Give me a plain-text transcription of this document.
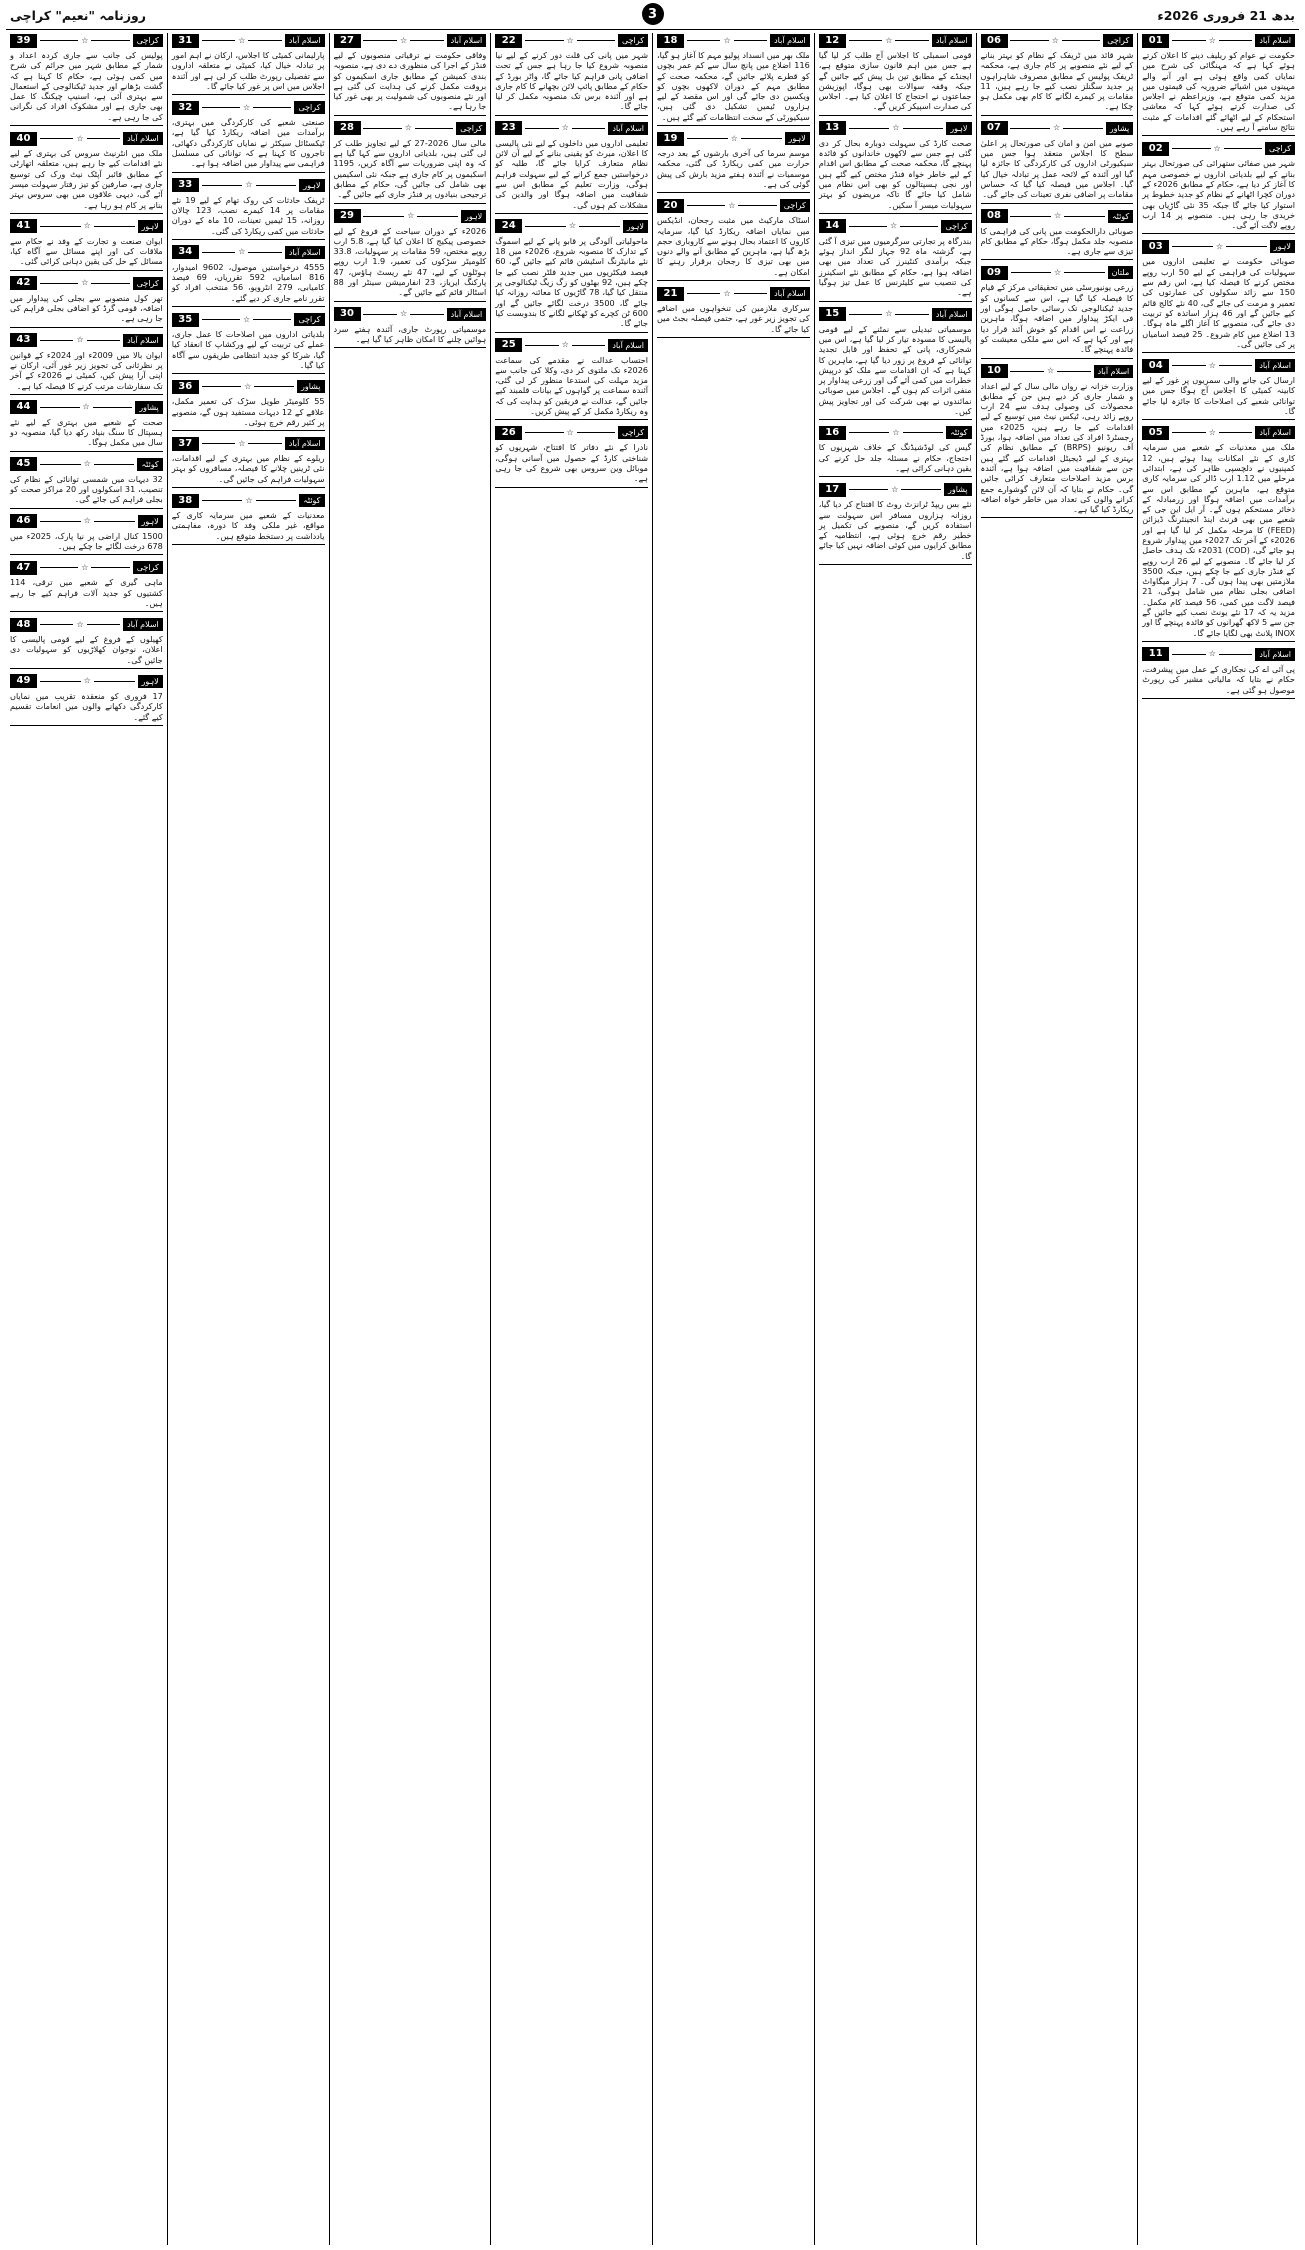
روزنامہ "نعیم" کراچی	3	بدھ 21 فروری 2026ء
01	☆	اسلام آباد
حکومت نے عوام کو ریلیف دینے کا اعلان کرتے ہوئے کہا ہے کہ مہنگائی کی شرح میں نمایاں کمی واقع ہوئی ہے اور آنے والے مہینوں میں اشیائے ضروریہ کی قیمتوں میں مزید کمی متوقع ہے، وزیراعظم نے اجلاس کی صدارت کرتے ہوئے کہا کہ معاشی استحکام کے لیے اٹھائے گئے اقدامات کے مثبت نتائج سامنے آ رہے ہیں۔
02	☆	کراچی
شہر میں صفائی ستھرائی کی صورتحال بہتر بنانے کے لیے بلدیاتی اداروں نے خصوصی مہم کا آغاز کر دیا ہے، حکام کے مطابق 2026ء کے دوران کچرا اٹھانے کے نظام کو جدید خطوط پر استوار کیا جائے گا جبکہ 35 نئی گاڑیاں بھی خریدی جا رہی ہیں۔ منصوبے پر 14 ارب روپے لاگت آئے گی۔
03	☆	لاہور
صوبائی حکومت نے تعلیمی اداروں میں سہولیات کی فراہمی کے لیے 50 ارب روپے مختص کرنے کا فیصلہ کیا ہے، اس رقم سے 150 سے زائد سکولوں کی عمارتوں کی تعمیر و مرمت کی جائے گی، 40 نئے کالج قائم کیے جائیں گے اور 46 ہزار اساتذہ کو تربیت دی جائے گی، منصوبے کا آغاز اگلے ماہ ہوگا۔ 13 اضلاع میں کام شروع۔ 25 فیصد اسامیاں پر کی جائیں گی۔
04	☆	اسلام آباد
ارسال کی جانے والی سمریوں پر غور کے لیے کابینہ کمیٹی کا اجلاس آج ہوگا جس میں توانائی شعبے کی اصلاحات کا جائزہ لیا جائے گا۔
05	☆	اسلام آباد
ملک میں معدنیات کے شعبے میں سرمایہ کاری کے نئے امکانات پیدا ہوئے ہیں، 12 کمپنیوں نے دلچسپی ظاہر کی ہے، ابتدائی مرحلے میں 1.12 ارب ڈالر کی سرمایہ کاری متوقع ہے، ماہرین کے مطابق اس سے برآمدات میں اضافہ ہوگا اور زرمبادلہ کے ذخائر مستحکم ہوں گے۔ آر ایل این جی کے شعبے میں بھی فرنٹ اینڈ انجینئرنگ ڈیزائن (FEED) کا مرحلہ مکمل کر لیا گیا ہے اور 2026ء کے آخر تک 2027ء میں پیداوار شروع ہو جائے گی، (COD) 2031ء تک ہدف حاصل کر لیا جائے گا۔ منصوبے کے لیے 26 ارب روپے کے فنڈز جاری کیے جا چکے ہیں، جبکہ 3500 ملازمتیں بھی پیدا ہوں گی۔ 7 ہزار میگاواٹ اضافی بجلی نظام میں شامل ہوگی، 21 فیصد لاگت میں کمی، 56 فیصد کام مکمل۔ مزید یہ کہ 17 نئے یونٹ نصب کیے جائیں گے جن سے 5 لاکھ گھرانوں کو فائدہ پہنچے گا اور INOX پلانٹ بھی لگایا جائے گا۔
11	☆	اسلام آباد
پی آئی اے کی نجکاری کے عمل میں پیشرفت، حکام نے بتایا کہ مالیاتی مشیر کی رپورٹ موصول ہو گئی ہے۔
06	☆	کراچی
شہر قائد میں ٹریفک کے نظام کو بہتر بنانے کے لیے نئے منصوبے پر کام جاری ہے، محکمہ ٹریفک پولیس کے مطابق مصروف شاہراہوں پر جدید سگنلز نصب کیے جا رہے ہیں، 11 مقامات پر کیمرے لگانے کا کام بھی مکمل ہو چکا ہے۔
07	☆	پشاور
صوبے میں امن و امان کی صورتحال پر اعلیٰ سطح کا اجلاس منعقد ہوا جس میں سیکیورٹی اداروں کی کارکردگی کا جائزہ لیا گیا اور آئندہ کے لائحہ عمل پر تبادلہ خیال کیا گیا۔ اجلاس میں فیصلہ کیا گیا کہ حساس مقامات پر اضافی نفری تعینات کی جائے گی۔
08	☆	کوئٹہ
صوبائی دارالحکومت میں پانی کی فراہمی کا منصوبہ جلد مکمل ہوگا، حکام کے مطابق کام تیزی سے جاری ہے۔
09	☆	ملتان
زرعی یونیورسٹی میں تحقیقاتی مرکز کے قیام کا فیصلہ کیا گیا ہے، اس سے کسانوں کو جدید ٹیکنالوجی تک رسائی حاصل ہوگی اور فی ایکڑ پیداوار میں اضافہ ہوگا، ماہرین زراعت نے اس اقدام کو خوش آئند قرار دیا ہے اور کہا ہے کہ اس سے ملکی معیشت کو فائدہ پہنچے گا۔
10	☆	اسلام آباد
وزارت خزانہ نے رواں مالی سال کے لیے اعداد و شمار جاری کر دیے ہیں جن کے مطابق محصولات کی وصولی ہدف سے 24 ارب روپے زائد رہی، ٹیکس نیٹ میں توسیع کے لیے اقدامات کیے جا رہے ہیں، 2025ء میں رجسٹرڈ افراد کی تعداد میں اضافہ ہوا، بورڈ آف ریونیو (BRPS) کے مطابق نظام کی بہتری کے لیے ڈیجیٹل اقدامات کیے گئے ہیں جن سے شفافیت میں اضافہ ہوا ہے، آئندہ برس مزید اصلاحات متعارف کرائی جائیں گی۔ حکام نے بتایا کہ آن لائن گوشوارے جمع کرانے والوں کی تعداد میں خاطر خواہ اضافہ ریکارڈ کیا گیا ہے۔
12	☆	اسلام آباد
قومی اسمبلی کا اجلاس آج طلب کر لیا گیا ہے جس میں اہم قانون سازی متوقع ہے، ایجنڈے کے مطابق تین بل پیش کیے جائیں گے جبکہ وقفہ سوالات بھی ہوگا، اپوزیشن جماعتوں نے احتجاج کا اعلان کیا ہے۔ اجلاس کی صدارت اسپیکر کریں گے۔
13	☆	لاہور
صحت کارڈ کی سہولت دوبارہ بحال کر دی گئی ہے جس سے لاکھوں خاندانوں کو فائدہ پہنچے گا، محکمہ صحت کے مطابق اس اقدام کے لیے خاطر خواہ فنڈز مختص کیے گئے ہیں اور نجی ہسپتالوں کو بھی اس نظام میں شامل کیا جائے گا تاکہ مریضوں کو بہتر سہولیات میسر آ سکیں۔
14	☆	کراچی
بندرگاہ پر تجارتی سرگرمیوں میں تیزی آ گئی ہے، گزشتہ ماہ 92 جہاز لنگر انداز ہوئے جبکہ برآمدی کنٹینرز کی تعداد میں بھی اضافہ ہوا ہے، حکام کے مطابق نئے اسکینرز کی تنصیب سے کلیئرنس کا عمل تیز ہوگیا ہے۔
15	☆	اسلام آباد
موسمیاتی تبدیلی سے نمٹنے کے لیے قومی پالیسی کا مسودہ تیار کر لیا گیا ہے، اس میں شجرکاری، پانی کے تحفظ اور قابل تجدید توانائی کے فروغ پر زور دیا گیا ہے، ماہرین کا کہنا ہے کہ ان اقدامات سے ملک کو درپیش خطرات میں کمی آئے گی اور زرعی پیداوار پر منفی اثرات کم ہوں گے۔ اجلاس میں صوبائی نمائندوں نے بھی شرکت کی اور تجاویز پیش کیں۔
16	☆	کوئٹہ
گیس کی لوڈشیڈنگ کے خلاف شہریوں کا احتجاج، حکام نے مسئلہ جلد حل کرنے کی یقین دہانی کرائی ہے۔
17	☆	پشاور
نئے بس ریپڈ ٹرانزٹ روٹ کا افتتاح کر دیا گیا، روزانہ ہزاروں مسافر اس سہولت سے استفادہ کریں گے، منصوبے کی تکمیل پر خطیر رقم خرچ ہوئی ہے، انتظامیہ کے مطابق کرایوں میں کوئی اضافہ نہیں کیا جائے گا۔
18	☆	اسلام آباد
ملک بھر میں انسداد پولیو مہم کا آغاز ہو گیا، 116 اضلاع میں پانچ سال سے کم عمر بچوں کو قطرے پلائے جائیں گے، محکمہ صحت کے مطابق مہم کے دوران لاکھوں بچوں کو ویکسین دی جائے گی اور اس مقصد کے لیے ہزاروں ٹیمیں تشکیل دی گئی ہیں، سیکیورٹی کے سخت انتظامات کیے گئے ہیں۔
19	☆	لاہور
موسم سرما کی آخری بارشوں کے بعد درجہ حرارت میں کمی ریکارڈ کی گئی، محکمہ موسمیات نے آئندہ ہفتے مزید بارش کی پیش گوئی کی ہے۔
20	☆	کراچی
اسٹاک مارکیٹ میں مثبت رجحان، انڈیکس میں نمایاں اضافہ ریکارڈ کیا گیا، سرمایہ کاروں کا اعتماد بحال ہونے سے کاروباری حجم بڑھ گیا ہے، ماہرین کے مطابق آنے والے دنوں میں بھی تیزی کا رجحان برقرار رہنے کا امکان ہے۔
21	☆	اسلام آباد
سرکاری ملازمین کی تنخواہوں میں اضافے کی تجویز زیر غور ہے، حتمی فیصلہ بجٹ میں کیا جائے گا۔
22	☆	کراچی
شہر میں پانی کی قلت دور کرنے کے لیے نیا منصوبہ شروع کیا جا رہا ہے جس کے تحت اضافی پانی فراہم کیا جائے گا، واٹر بورڈ کے حکام کے مطابق پائپ لائن بچھانے کا کام جاری ہے اور آئندہ برس تک منصوبہ مکمل کر لیا جائے گا۔
23	☆	اسلام آباد
تعلیمی اداروں میں داخلوں کے لیے نئی پالیسی کا اعلان، میرٹ کو یقینی بنانے کے لیے آن لائن نظام متعارف کرایا جائے گا، طلبہ کو درخواستیں جمع کرانے کے لیے سہولت فراہم ہوگی، وزارت تعلیم کے مطابق اس سے شفافیت میں اضافہ ہوگا اور والدین کی مشکلات کم ہوں گی۔
24	☆	لاہور
ماحولیاتی آلودگی پر قابو پانے کے لیے اسموگ کے تدارک کا منصوبہ شروع، 2026ء میں 18 نئے مانیٹرنگ اسٹیشن قائم کیے جائیں گے، 60 فیصد فیکٹریوں میں جدید فلٹر نصب کیے جا چکے ہیں، 92 بھٹوں کو زگ زیگ ٹیکنالوجی پر منتقل کیا گیا، 78 گاڑیوں کا معائنہ روزانہ کیا جائے گا، 3500 درخت لگائے جائیں گے اور 600 ٹن کچرے کو ٹھکانے لگانے کا بندوبست کیا جائے گا۔
25	☆	اسلام آباد
احتساب عدالت نے مقدمے کی سماعت 2026ء تک ملتوی کر دی، وکلا کی جانب سے مزید مہلت کی استدعا منظور کر لی گئی، آئندہ سماعت پر گواہوں کے بیانات قلمبند کیے جائیں گے، عدالت نے فریقین کو ہدایت کی کہ وہ ریکارڈ مکمل کر کے پیش کریں۔
26	☆	کراچی
نادرا کے نئے دفاتر کا افتتاح، شہریوں کو شناختی کارڈ کے حصول میں آسانی ہوگی، موبائل وین سروس بھی شروع کی جا رہی ہے۔
27	☆	اسلام آباد
وفاقی حکومت نے ترقیاتی منصوبوں کے لیے فنڈز کے اجرا کی منظوری دے دی ہے، منصوبہ بندی کمیشن کے مطابق جاری اسکیموں کو بروقت مکمل کرنے کی ہدایت کی گئی ہے اور نئے منصوبوں کی شمولیت پر بھی غور کیا جا رہا ہے۔
28	☆	کراچی
مالی سال 2026-27 کے لیے تجاویز طلب کر لی گئی ہیں، بلدیاتی اداروں سے کہا گیا ہے کہ وہ اپنی ضروریات سے آگاہ کریں، 1195 اسکیموں پر کام جاری ہے جبکہ نئی اسکیمیں بھی شامل کی جائیں گی، حکام کے مطابق ترجیحی بنیادوں پر فنڈز جاری کیے جائیں گے۔
29	☆	لاہور
2026ء کے دوران سیاحت کے فروغ کے لیے خصوصی پیکیج کا اعلان کیا گیا ہے، 5.8 ارب روپے مختص، 59 مقامات پر سہولیات، 33.8 کلومیٹر سڑکوں کی تعمیر، 1.9 ارب روپے ہوٹلوں کے لیے، 47 نئے ریسٹ ہاؤس، 47 پارکنگ ایریاز، 23 انفارمیشن سینٹر اور 88 اسٹالز قائم کیے جائیں گے۔
30	☆	اسلام آباد
موسمیاتی رپورٹ جاری، آئندہ ہفتے سرد ہوائیں چلنے کا امکان ظاہر کیا گیا ہے۔
31	☆	اسلام آباد
پارلیمانی کمیٹی کا اجلاس، ارکان نے اہم امور پر تبادلہ خیال کیا، کمیٹی نے متعلقہ اداروں سے تفصیلی رپورٹ طلب کر لی ہے اور آئندہ اجلاس میں اس پر غور کیا جائے گا۔
32	☆	کراچی
صنعتی شعبے کی کارکردگی میں بہتری، برآمدات میں اضافہ ریکارڈ کیا گیا ہے، ٹیکسٹائل سیکٹر نے نمایاں کارکردگی دکھائی، تاجروں کا کہنا ہے کہ توانائی کی مسلسل فراہمی سے پیداوار میں اضافہ ہوا ہے۔
33	☆	لاہور
ٹریفک حادثات کی روک تھام کے لیے 19 نئے مقامات پر 14 کیمرے نصب، 123 چالان روزانہ، 15 ٹیمیں تعینات، 10 ماہ کے دوران حادثات میں کمی ریکارڈ کی گئی۔
34	☆	اسلام آباد
4555 درخواستیں موصول، 9602 امیدوار، 816 اسامیاں، 592 تقرریاں، 69 فیصد کامیابی، 279 انٹرویو، 56 منتخب افراد کو تقرر نامے جاری کر دیے گئے۔
35	☆	کراچی
بلدیاتی اداروں میں اصلاحات کا عمل جاری، عملے کی تربیت کے لیے ورکشاپ کا انعقاد کیا گیا، شرکا کو جدید انتظامی طریقوں سے آگاہ کیا گیا۔
36	☆	پشاور
55 کلومیٹر طویل سڑک کی تعمیر مکمل، علاقے کے 12 دیہات مستفید ہوں گے، منصوبے پر کثیر رقم خرچ ہوئی۔
37	☆	اسلام آباد
ریلوے کے نظام میں بہتری کے لیے اقدامات، نئی ٹرینیں چلانے کا فیصلہ، مسافروں کو بہتر سہولیات فراہم کی جائیں گی۔
38	☆	کوئٹہ
معدنیات کے شعبے میں سرمایہ کاری کے مواقع، غیر ملکی وفد کا دورہ، مفاہمتی یادداشت پر دستخط متوقع ہیں۔
39	☆	کراچی
پولیس کی جانب سے جاری کردہ اعداد و شمار کے مطابق شہر میں جرائم کی شرح میں کمی ہوئی ہے، حکام کا کہنا ہے کہ گشت بڑھانے اور جدید ٹیکنالوجی کے استعمال سے بہتری آئی ہے، اسنیپ چیکنگ کا عمل بھی جاری ہے اور مشکوک افراد کی نگرانی کی جا رہی ہے۔
40	☆	اسلام آباد
ملک میں انٹرنیٹ سروس کی بہتری کے لیے نئے اقدامات کیے جا رہے ہیں، متعلقہ اتھارٹی کے مطابق فائبر آپٹک نیٹ ورک کی توسیع جاری ہے، صارفین کو تیز رفتار سہولت میسر آئے گی، دیہی علاقوں میں بھی سروس بہتر بنانے پر کام ہو رہا ہے۔
41	☆	لاہور
ایوان صنعت و تجارت کے وفد نے حکام سے ملاقات کی اور اپنے مسائل سے آگاہ کیا، مسائل کے حل کی یقین دہانی کرائی گئی۔
42	☆	کراچی
تھر کول منصوبے سے بجلی کی پیداوار میں اضافہ، قومی گرڈ کو اضافی بجلی فراہم کی جا رہی ہے۔
43	☆	اسلام آباد
ایوان بالا میں 2009ء اور 2024ء کے قوانین پر نظرثانی کی تجویز زیر غور آئی، ارکان نے اپنی آرا پیش کیں، کمیٹی نے 2026ء کے آخر تک سفارشات مرتب کرنے کا فیصلہ کیا ہے۔
44	☆	پشاور
صحت کے شعبے میں بہتری کے لیے نئے ہسپتال کا سنگ بنیاد رکھ دیا گیا، منصوبہ دو سال میں مکمل ہوگا۔
45	☆	کوئٹہ
32 دیہات میں شمسی توانائی کے نظام کی تنصیب، 31 اسکولوں اور 20 مراکز صحت کو بجلی فراہم کی جائے گی۔
46	☆	لاہور
1500 کنال اراضی پر نیا پارک، 2025ء میں 678 درخت لگائے جا چکے ہیں۔
47	☆	کراچی
ماہی گیری کے شعبے میں ترقی، 114 کشتیوں کو جدید آلات فراہم کیے جا رہے ہیں۔
48	☆	اسلام آباد
کھیلوں کے فروغ کے لیے قومی پالیسی کا اعلان، نوجوان کھلاڑیوں کو سہولیات دی جائیں گی۔
49	☆	لاہور
17 فروری کو منعقدہ تقریب میں نمایاں کارکردگی دکھانے والوں میں انعامات تقسیم کیے گئے۔
